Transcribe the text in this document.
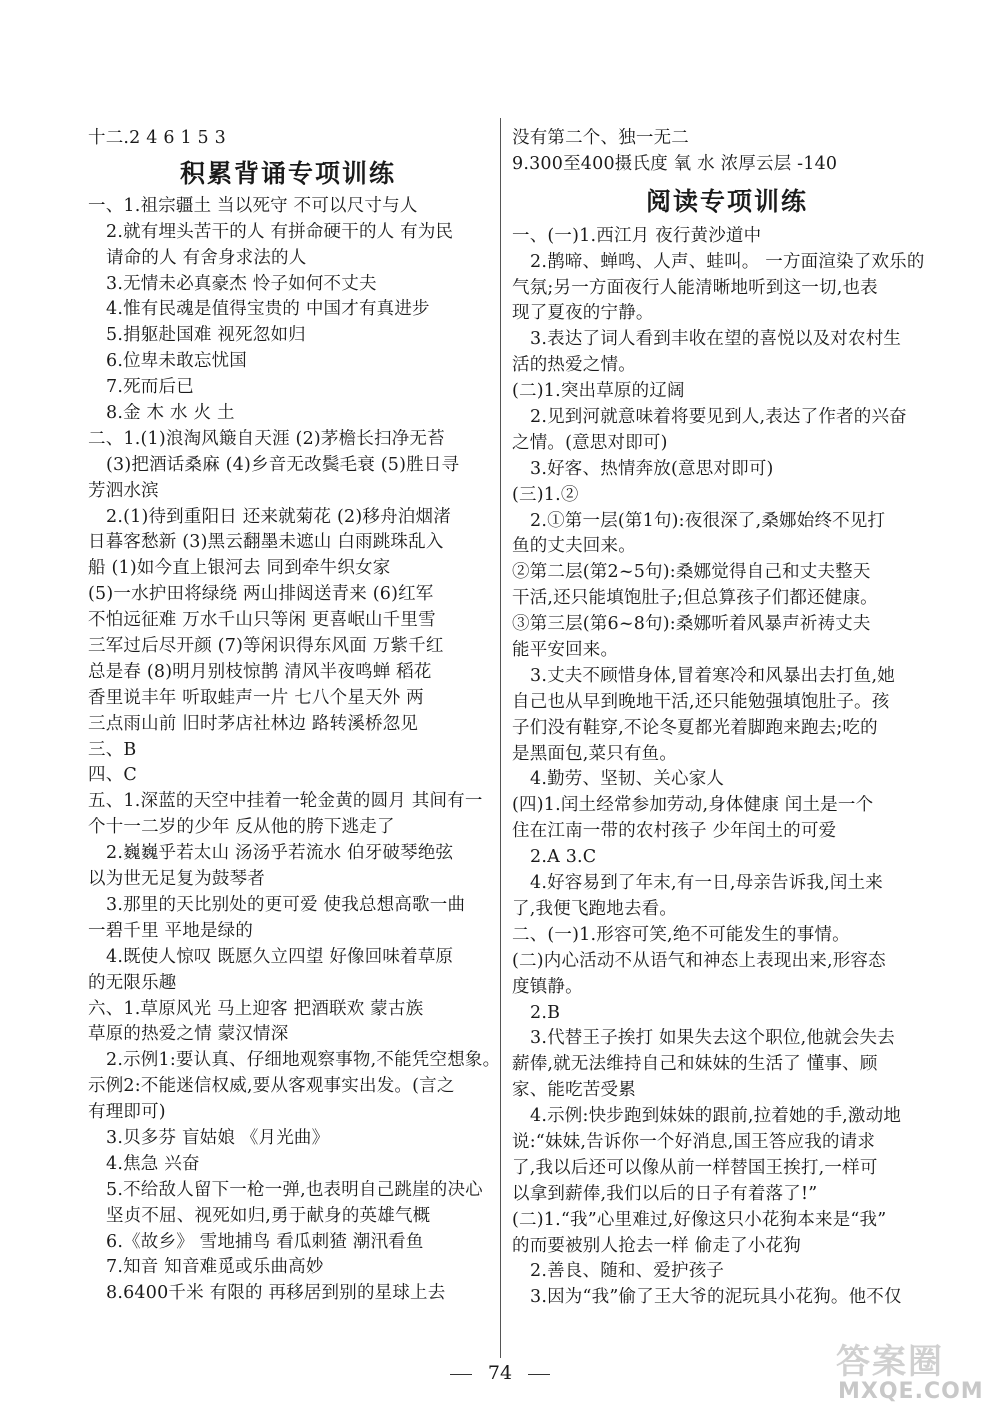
十二.2 4 6 1 5 3
积累背诵专项训练
一、1.祖宗疆土 当以死守 不可以尺寸与人
2.就有埋头苦干的人 有拼命硬干的人 有为民
请命的人 有舍身求法的人
3.无情未必真豪杰 怜子如何不丈夫
4.惟有民魂是值得宝贵的 中国才有真进步
5.捐躯赴国难 视死忽如归
6.位卑未敢忘忧国
7.死而后已
8.金 木 水 火 土
二、1.(1)浪淘风簸自天涯 (2)茅檐长扫净无苔
(3)把酒话桑麻 (4)乡音无改鬓毛衰 (5)胜日寻
芳泗水滨
2.(1)待到重阳日 还来就菊花 (2)移舟泊烟渚
日暮客愁新 (3)黑云翻墨未遮山 白雨跳珠乱入
船 (1)如今直上银河去 同到牵牛织女家
(5)一水护田将绿绕 两山排闼送青来 (6)红军
不怕远征难 万水千山只等闲 更喜岷山千里雪
三军过后尽开颜 (7)等闲识得东风面 万紫千红
总是春 (8)明月别枝惊鹊 清风半夜鸣蝉 稻花
香里说丰年 听取蛙声一片 七八个星天外 两
三点雨山前 旧时茅店社林边 路转溪桥忽见
三、B
四、C
五、1.深蓝的天空中挂着一轮金黄的圆月 其间有一
个十一二岁的少年 反从他的胯下逃走了
2.巍巍乎若太山 汤汤乎若流水 伯牙破琴绝弦
以为世无足复为鼓琴者
3.那里的天比别处的更可爱 使我总想高歌一曲
一碧千里 平地是绿的
4.既使人惊叹 既愿久立四望 好像回味着草原
的无限乐趣
六、1.草原风光 马上迎客 把酒联欢 蒙古族
草原的热爱之情 蒙汉情深
2.示例1:要认真、仔细地观察事物,不能凭空想象。
示例2:不能迷信权威,要从客观事实出发。(言之
有理即可)
3.贝多芬 盲姑娘 《月光曲》
4.焦急 兴奋
5.不给敌人留下一枪一弹,也表明自己跳崖的决心
坚贞不屈、视死如归,勇于献身的英雄气概
6.《故乡》 雪地捕鸟 看瓜刺猹 潮汛看鱼
7.知音 知音难觅或乐曲高妙
8.6400千米 有限的 再移居到别的星球上去
没有第二个、独一无二
9.300至400摄氏度 氧 水 浓厚云层 -140
阅读专项训练
一、(一)1.西江月 夜行黄沙道中
2.鹊啼、蝉鸣、人声、蛙叫。 一方面渲染了欢乐的
气氛;另一方面夜行人能清晰地听到这一切,也表
现了夏夜的宁静。
3.表达了词人看到丰收在望的喜悦以及对农村生
活的热爱之情。
(二)1.突出草原的辽阔
2.见到河就意味着将要见到人,表达了作者的兴奋
之情。(意思对即可)
3.好客、热情奔放(意思对即可)
(三)1.②
2.①第一层(第1句):夜很深了,桑娜始终不见打
鱼的丈夫回来。
②第二层(第2~5句):桑娜觉得自己和丈夫整天
干活,还只能填饱肚子;但总算孩子们都还健康。
③第三层(第6~8句):桑娜听着风暴声祈祷丈夫
能平安回来。
3.丈夫不顾惜身体,冒着寒冷和风暴出去打鱼,她
自己也从早到晚地干活,还只能勉强填饱肚子。孩
子们没有鞋穿,不论冬夏都光着脚跑来跑去;吃的
是黑面包,菜只有鱼。
4.勤劳、坚韧、关心家人
(四)1.闰土经常参加劳动,身体健康 闰土是一个
住在江南一带的农村孩子 少年闰土的可爱
2.A 3.C
4.好容易到了年末,有一日,母亲告诉我,闰土来
了,我便飞跑地去看。
二、(一)1.形容可笑,绝不可能发生的事情。
(二)内心活动不从语气和神态上表现出来,形容态
度镇静。
2.B
3.代替王子挨打 如果失去这个职位,他就会失去
薪俸,就无法维持自己和妹妹的生活了 懂事、顾
家、能吃苦受累
4.示例:快步跑到妹妹的跟前,拉着她的手,激动地
说:“妹妹,告诉你一个好消息,国王答应我的请求
了,我以后还可以像从前一样替国王挨打,一样可
以拿到薪俸,我们以后的日子有着落了!”
(二)1.“我”心里难过,好像这只小花狗本来是“我”
的而要被别人抢去一样 偷走了小花狗
2.善良、随和、爱护孩子
3.因为“我”偷了王大爷的泥玩具小花狗。他不仅
74	答案圈
MXQE.COM
